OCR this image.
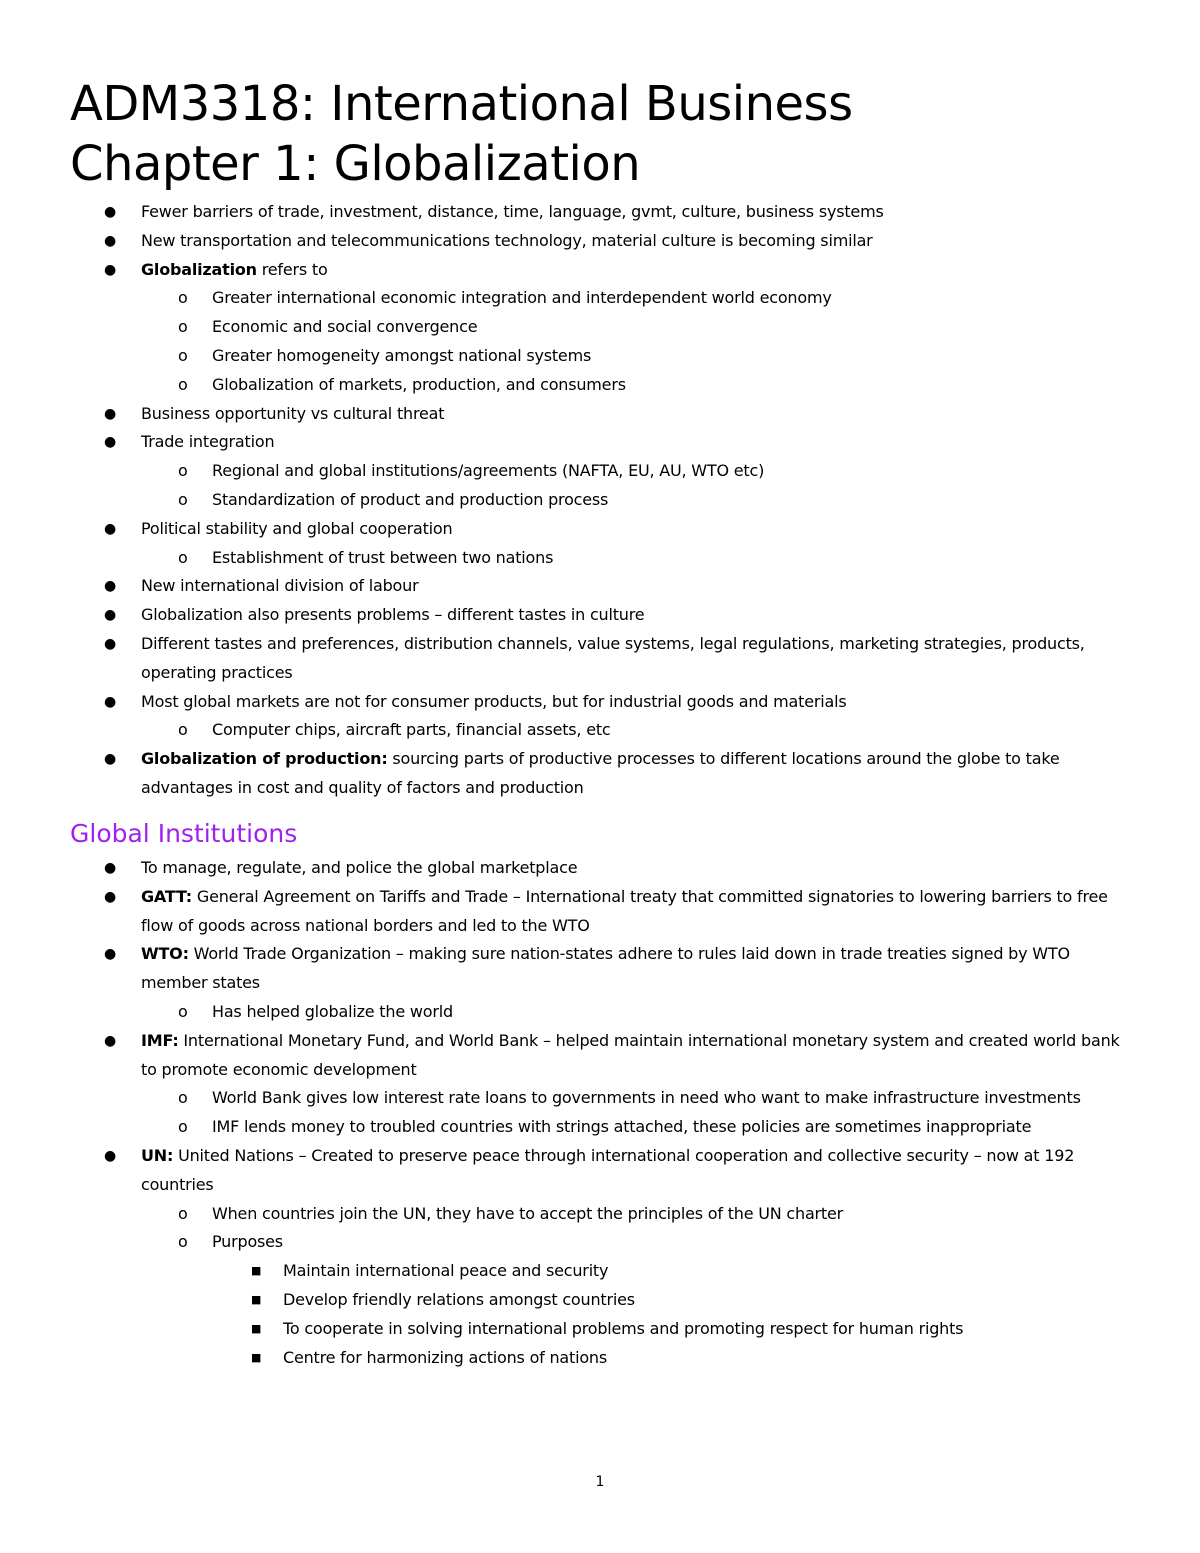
ADM3318: International Business
Chapter 1: Globalization
● Fewer barriers of trade, investment, distance, time, language, gvmt, culture, business systems
● New transportation and telecommunications technology, material culture is becoming similar
● Globalization refers to
o Greater international economic integration and interdependent world economy
o Economic and social convergence
o Greater homogeneity amongst national systems
o Globalization of markets, production, and consumers
● Business opportunity vs cultural threat
● Trade integration
o Regional and global institutions/agreements (NAFTA, EU, AU, WTO etc)
o Standardization of product and production process
● Political stability and global cooperation
o Establishment of trust between two nations
● New international division of labour
● Globalization also presents problems – different tastes in culture
● Different tastes and preferences, distribution channels, value systems, legal regulations, marketing strategies, products, operating practices
● Most global markets are not for consumer products, but for industrial goods and materials
o Computer chips, aircraft parts, financial assets, etc
● Globalization of production: sourcing parts of productive processes to different locations around the globe to take advantages in cost and quality of factors and production
Global Institutions
● To manage, regulate, and police the global marketplace
● GATT: General Agreement on Tariffs and Trade – International treaty that committed signatories to lowering barriers to free flow of goods across national borders and led to the WTO
● WTO: World Trade Organization – making sure nation-states adhere to rules laid down in trade treaties signed by WTO member states
o Has helped globalize the world
● IMF: International Monetary Fund, and World Bank – helped maintain international monetary system and created world bank to promote economic development
o World Bank gives low interest rate loans to governments in need who want to make infrastructure investments
o IMF lends money to troubled countries with strings attached, these policies are sometimes inappropriate
● UN: United Nations – Created to preserve peace through international cooperation and collective security – now at 192 countries
o When countries join the UN, they have to accept the principles of the UN charter
o Purposes
■ Maintain international peace and security
■ Develop friendly relations amongst countries
■ To cooperate in solving international problems and promoting respect for human rights
■ Centre for harmonizing actions of nations
1
